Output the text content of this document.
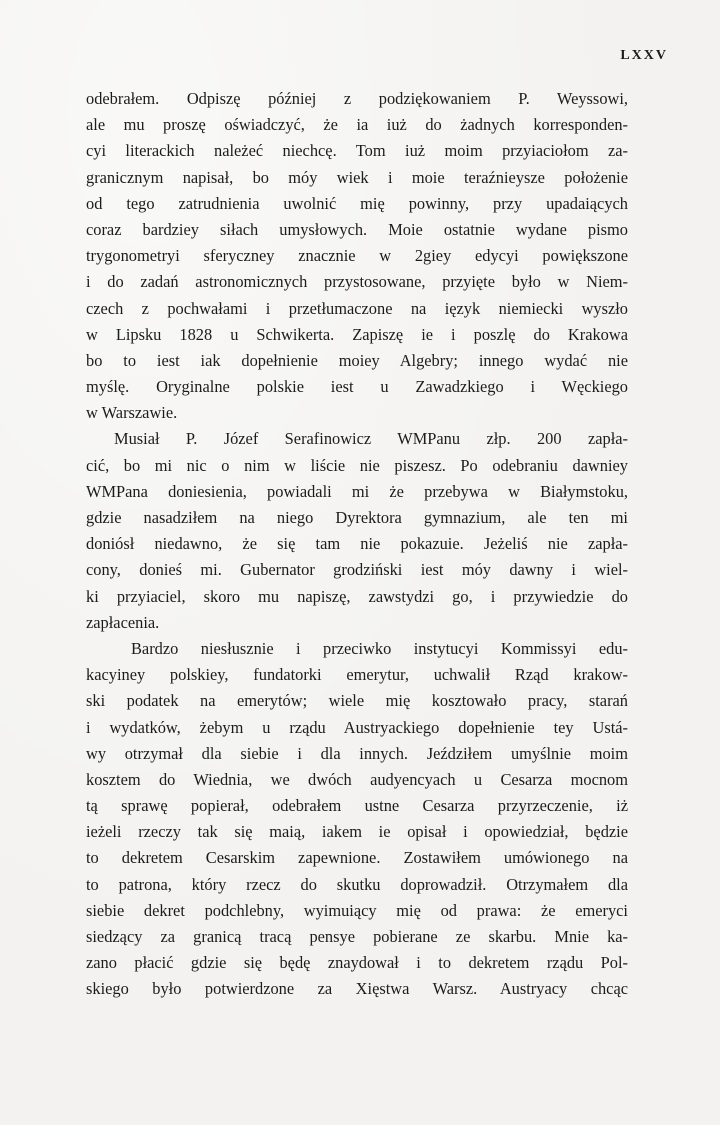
LXXV
odebrałem. Odpiszę później z podziękowaniem P. Weyssowi,
ale mu proszę oświadczyć, że ia iuż do żadnych korresponden-
cyi literackich należeć niechcę. Tom iuż moim przyiaciołom za-
granicznym napisał, bo móy wiek i moie teraźnieysze położenie
od tego zatrudnienia uwolnić mię powinny, przy upadaiących
coraz bardziey siłach umysłowych. Moie ostatnie wydane pismo
trygonometryi sferyczney znacznie w 2giey edycyi powiększone
i do zadań astronomicznych przystosowane, przyięte było w Niem-
czech z pochwałami i przetłumaczone na ięzyk niemiecki wyszło
w Lipsku 1828 u Schwikerta. Zapiszę ie i poszlę do Krakowa
bo to iest iak dopełnienie moiey Algebry; innego wydać nie
myślę. Oryginalne polskie iest u Zawadzkiego i Węckiego
w Warszawie.
Musiał P. Józef Serafinowicz WMPanu złp. 200 zapła-
cić, bo mi nic o nim w liście nie piszesz. Po odebraniu dawniey
WMPana doniesienia, powiadali mi że przebywa w Białymstoku,
gdzie nasadziłem na niego Dyrektora gymnazium, ale ten mi
doniósł niedawno, że się tam nie pokazuie. Jeżeliś nie zapła-
cony, donieś mi. Gubernator grodziński iest móy dawny i wiel-
ki przyiaciel, skoro mu napiszę, zawstydzi go, i przywiedzie do
zapłacenia.
Bardzo niesłusznie i przeciwko instytucyi Kommissyi edu-
kacyiney polskiey, fundatorki emerytur, uchwalił Rząd krakow-
ski podatek na emerytów; wiele mię kosztowało pracy, starań
i wydatków, żebym u rządu Austryackiego dopełnienie tey Ustá-
wy otrzymał dla siebie i dla innych. Jeździłem umyślnie moim
kosztem do Wiednia, we dwóch audyencyach u Cesarza mocnom
tą sprawę popierał, odebrałem ustne Cesarza przyrzeczenie, iż
ieżeli rzeczy tak się maią, iakem ie opisał i opowiedział, będzie
to dekretem Cesarskim zapewnione. Zostawiłem umówionego na
to patrona, który rzecz do skutku doprowadził. Otrzymałem dla
siebie dekret podchlebny, wyimuiący mię od prawa: że emeryci
siedzący za granicą tracą pensye pobierane ze skarbu. Mnie ka-
zano płacić gdzie się będę znaydował i to dekretem rządu Pol-
skiego było potwierdzone za Xięstwa Warsz. Austryacy chcąc
